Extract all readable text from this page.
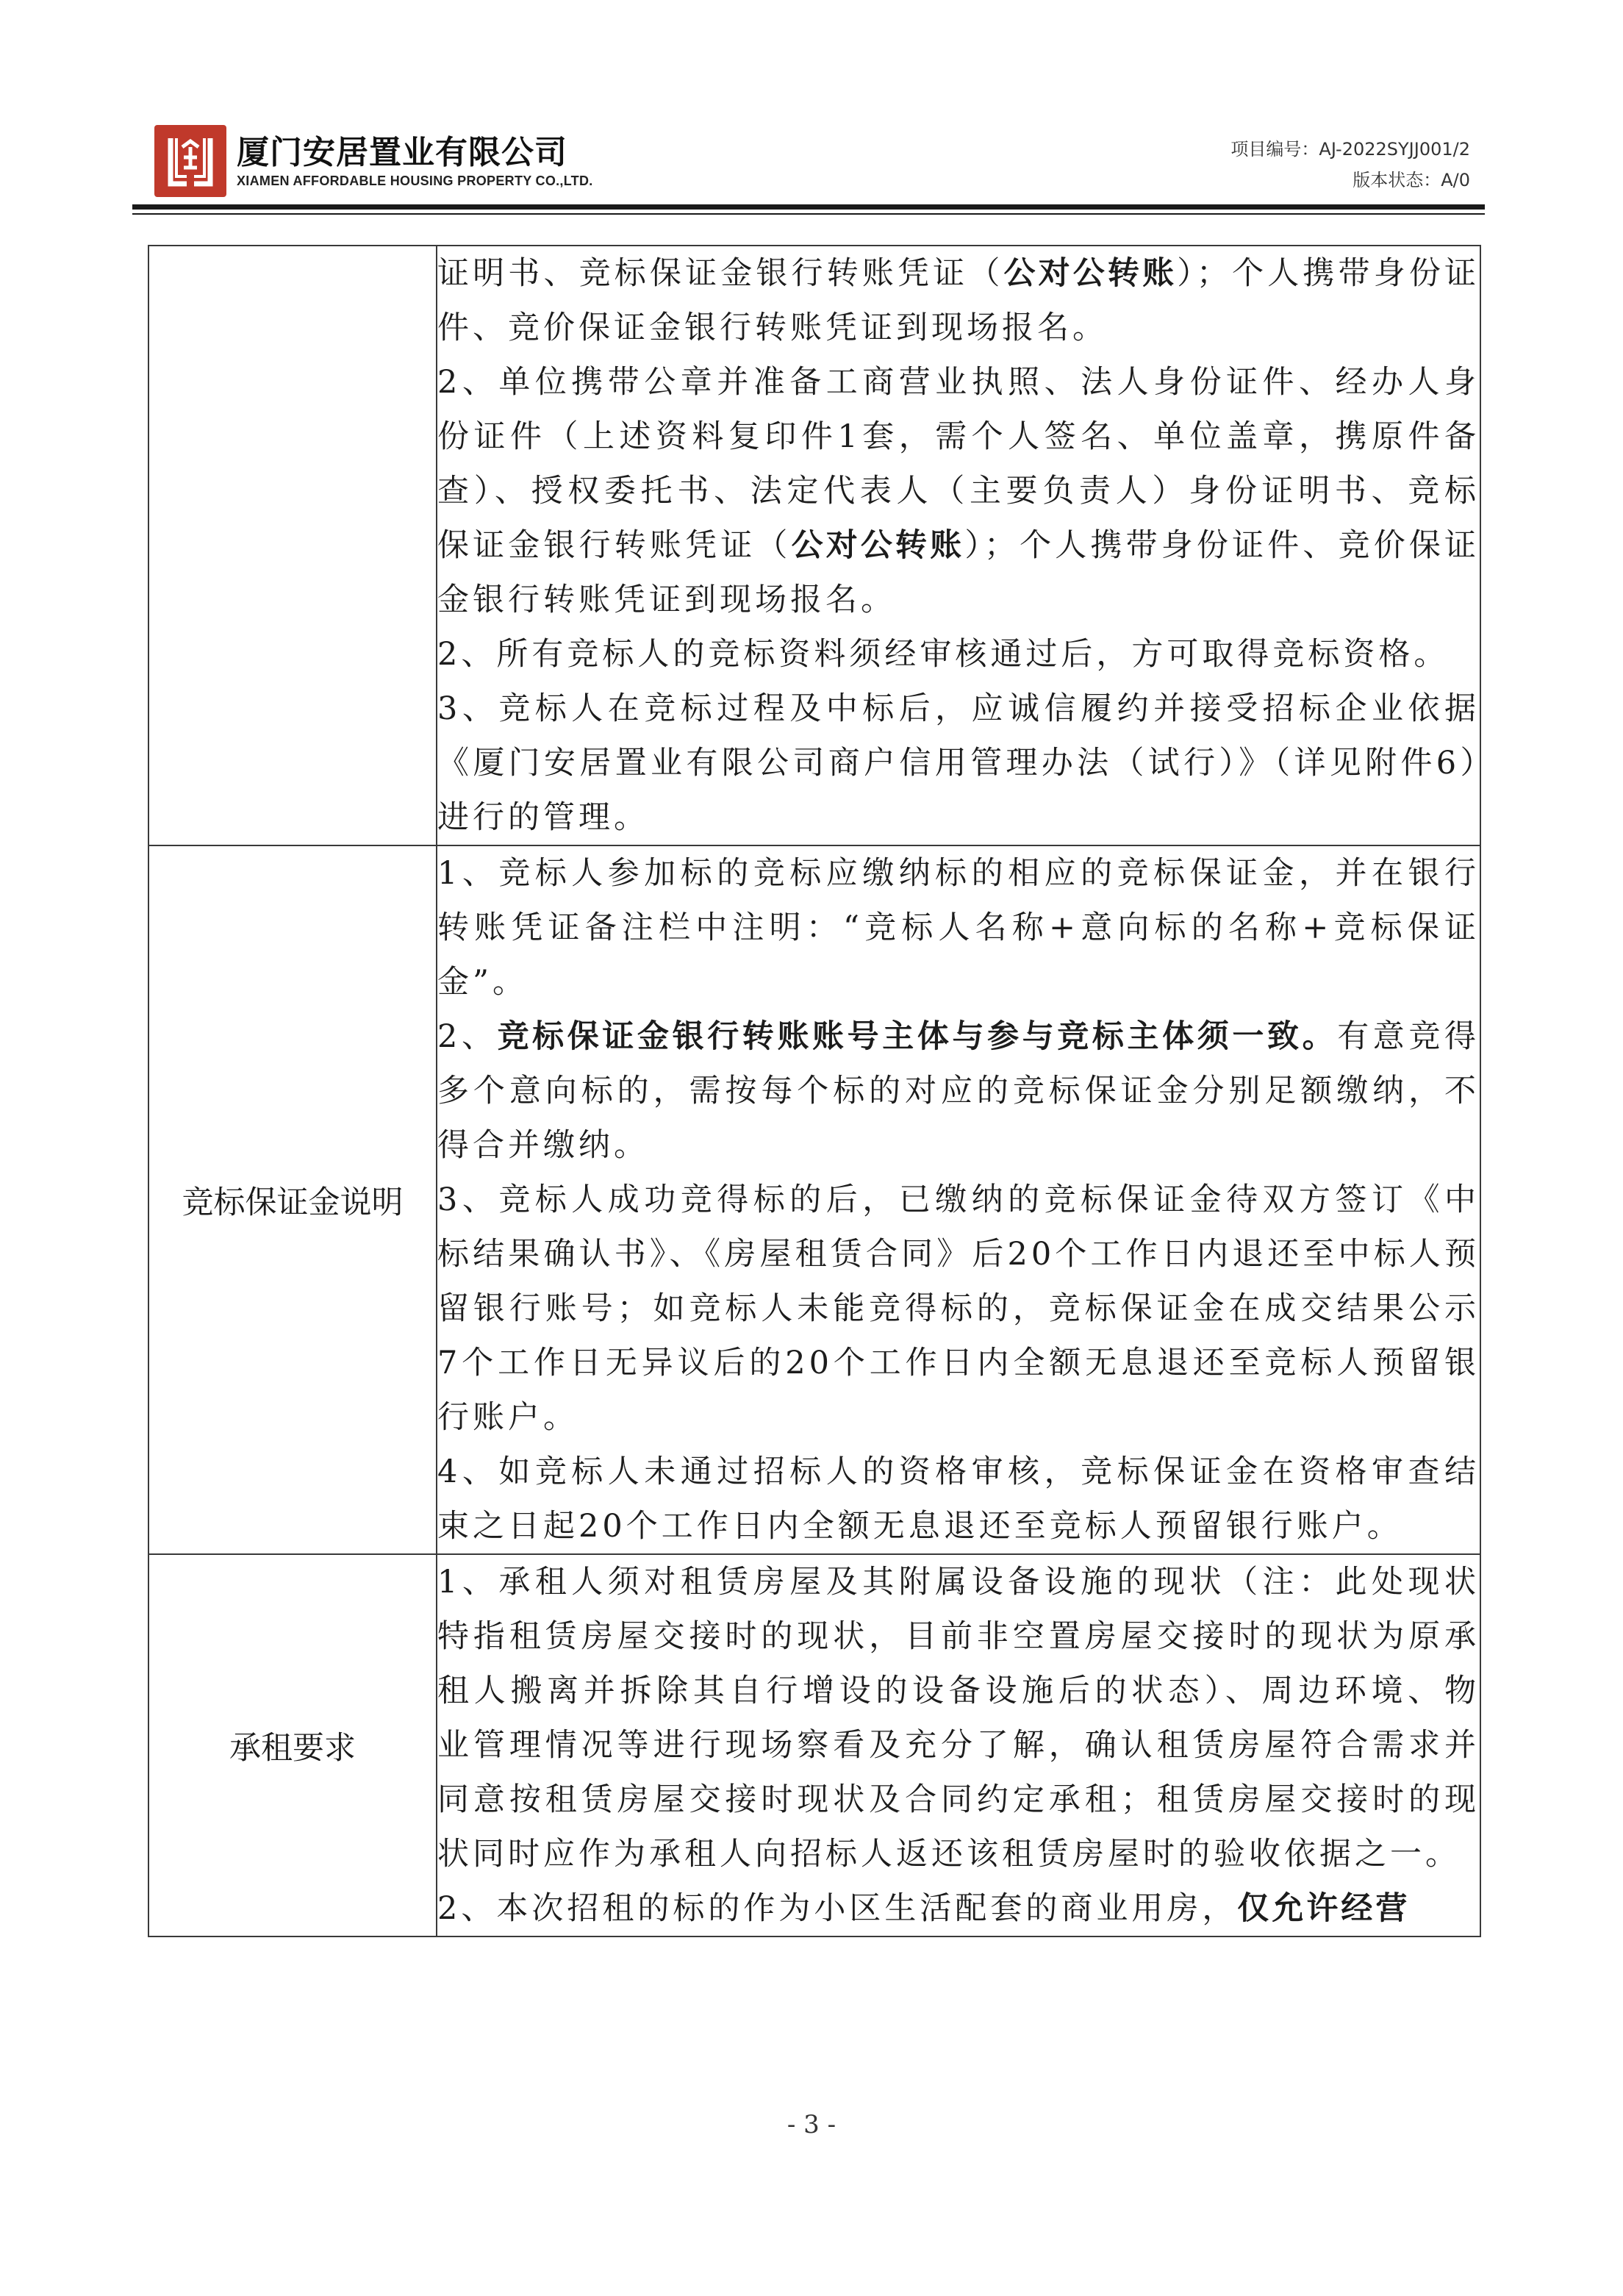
厦门安居置业有限公司
XIAMEN AFFORDABLE HOUSING PROPERTY CO.,LTD.
项目编号：AJ-2022SYJJ001/2
版本状态：A/0

	证明书、竞标保证金银行转账凭证（公对公转账）；个人携带身份证件、竞价保证金银行转账凭证到现场报名。
2、单位携带公章并准备工商营业执照、法人身份证件、经办人身份证件（上述资料复印件1套，需个人签名、单位盖章，携原件备查）、授权委托书、法定代表人（主要负责人）身份证明书、竞标保证金银行转账凭证（公对公转账）；个人携带身份证件、竞价保证金银行转账凭证到现场报名。
2、所有竞标人的竞标资料须经审核通过后，方可取得竞标资格。
3、竞标人在竞标过程及中标后，应诚信履约并接受招标企业依据《厦门安居置业有限公司商户信用管理办法（试行）》（详见附件6）进行的管理。

竞标保证金说明	1、竞标人参加标的竞标应缴纳标的相应的竞标保证金，并在银行转账凭证备注栏中注明：“竞标人名称+意向标的名称+竞标保证金”。
2、竞标保证金银行转账账号主体与参与竞标主体须一致。有意竞得多个意向标的，需按每个标的对应的竞标保证金分别足额缴纳，不得合并缴纳。
3、竞标人成功竞得标的后，已缴纳的竞标保证金待双方签订《中标结果确认书》、《房屋租赁合同》后20个工作日内退还至中标人预留银行账号；如竞标人未能竞得标的，竞标保证金在成交结果公示7个工作日无异议后的20个工作日内全额无息退还至竞标人预留银行账户。
4、如竞标人未通过招标人的资格审核，竞标保证金在资格审查结束之日起20个工作日内全额无息退还至竞标人预留银行账户。

承租要求	1、承租人须对租赁房屋及其附属设备设施的现状（注：此处现状特指租赁房屋交接时的现状，目前非空置房屋交接时的现状为原承租人搬离并拆除其自行增设的设备设施后的状态）、周边环境、物业管理情况等进行现场察看及充分了解，确认租赁房屋符合需求并同意按租赁房屋交接时现状及合同约定承租；租赁房屋交接时的现状同时应作为承租人向招标人返还该租赁房屋时的验收依据之一。
2、本次招租的标的作为小区生活配套的商业用房，仅允许经营
- 3 -
